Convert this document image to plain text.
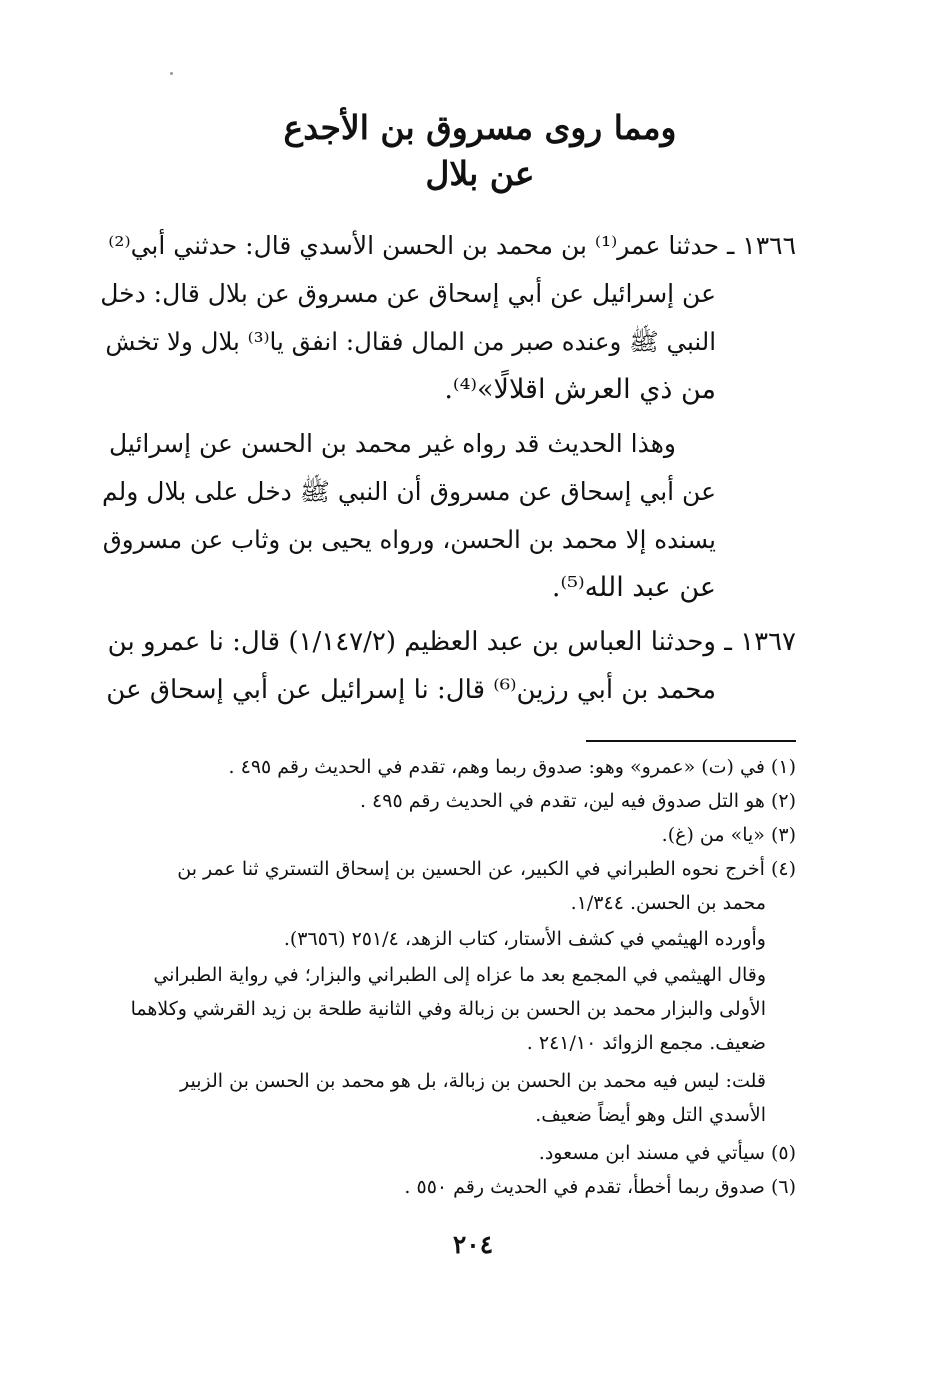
ومما روى مسروق بن الأجدع
عن بلال
١٣٦٦ ـ حدثنا عمر⁽¹⁾ بن محمد بن الحسن الأسدي قال: حدثني أبي⁽²⁾
عن إسرائيل عن أبي إسحاق عن مسروق عن بلال قال: دخل
النبي ﷺ وعنده صبر من المال فقال: انفق يا⁽³⁾ بلال ولا تخش
من ذي العرش اقلالًا»⁽⁴⁾.
وهذا الحديث قد رواه غير محمد بن الحسن عن إسرائيل
عن أبي إسحاق عن مسروق أن النبي ﷺ دخل على بلال ولم
يسنده إلا محمد بن الحسن، ورواه يحيى بن وثاب عن مسروق
عن عبد الله⁽⁵⁾.
١٣٦٧ ـ وحدثنا العباس بن عبد العظيم (١/١٤٧/٢) قال: نا عمرو بن
محمد بن أبي رزين⁽⁶⁾ قال: نا إسرائيل عن أبي إسحاق عن
(١) في (ت) «عمرو» وهو: صدوق ربما وهم، تقدم في الحديث رقم ٤٩٥ .
(٢) هو التل صدوق فيه لين، تقدم في الحديث رقم ٤٩٥ .
(٣) «يا» من (غ).
(٤) أخرج نحوه الطبراني في الكبير، عن الحسين بن إسحاق التستري ثنا عمر بن
محمد بن الحسن. ١/٣٤٤.
وأورده الهيثمي في كشف الأستار، كتاب الزهد، ٢٥١/٤ (٣٦٥٦).
وقال الهيثمي في المجمع بعد ما عزاه إلى الطبراني والبزار؛ في رواية الطبراني
الأولى والبزار محمد بن الحسن بن زبالة وفي الثانية طلحة بن زيد القرشي وكلاهما
ضعيف. مجمع الزوائد ٢٤١/١٠ .
قلت: ليس فيه محمد بن الحسن بن زبالة، بل هو محمد بن الحسن بن الزبير
الأسدي التل وهو أيضاً ضعيف.
(٥) سيأتي في مسند ابن مسعود.
(٦) صدوق ربما أخطأ، تقدم في الحديث رقم ٥٥٠ .
٢٠٤
